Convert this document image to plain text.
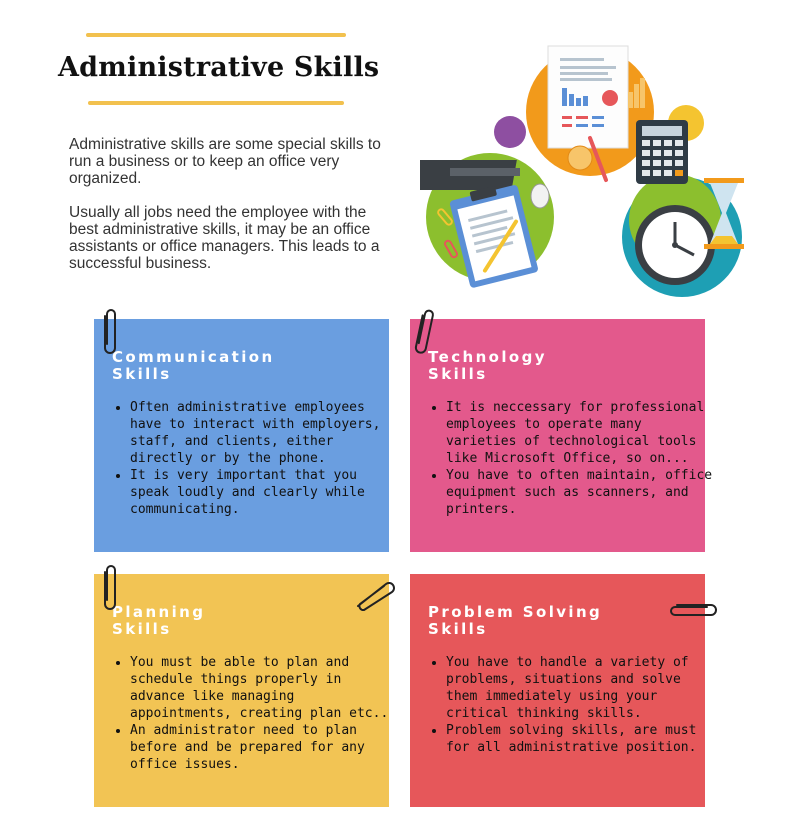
Administrative Skills
Administrative skills are some special skills to run a business or to keep an office very organized.
Usually all jobs need the employee with the best administrative skills, it may be an office assistants or office managers. This leads to a successful business.
Communication
Skills
• Often administrative employees have to interact with employers, staff, and clients, either directly or by the phone.
• It is very important that you speak loudly and clearly while communicating.
Technology
Skills
• It is neccessary for professional employees to operate many varieties of technological tools like Microsoft Office, so on...
• You have to often maintain, office equipment such as scanners, and printers.
Planning
Skills
• You must be able to plan and schedule things properly in advance like managing appointments, creating plan etc..
• An administrator need to plan before and be prepared for any office issues.
Problem Solving
Skills
• You have to handle a variety of problems, situations and solve them immediately using your critical thinking skills.
• Problem solving skills, are must for all administrative position.
